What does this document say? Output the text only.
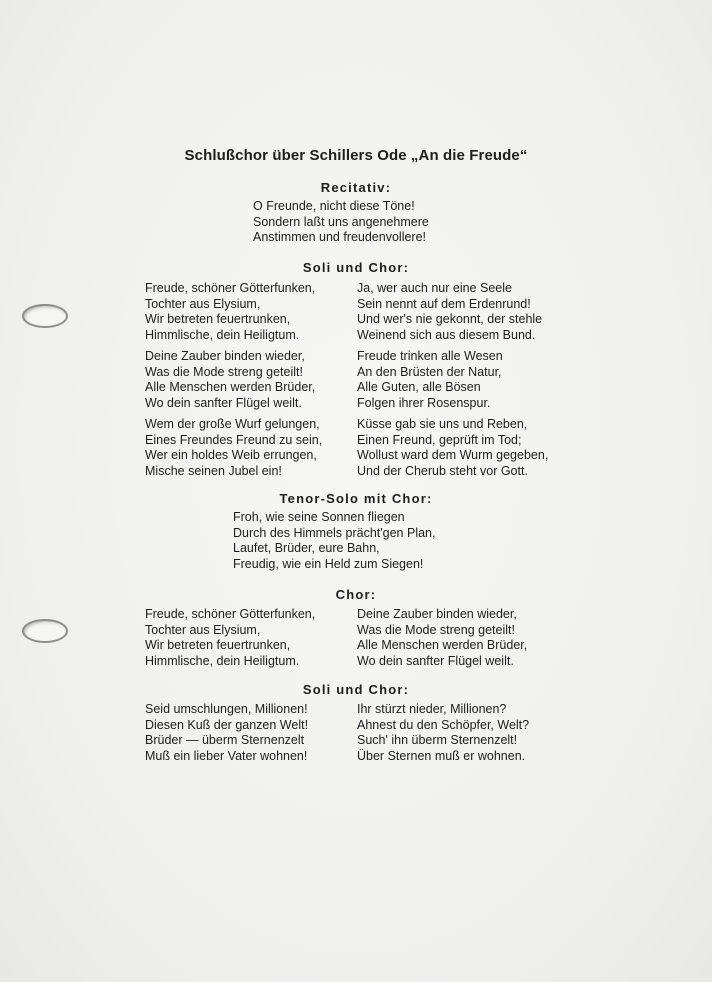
Schlußchor über Schillers Ode „An die Freude“
Recitativ:
O Freunde, nicht diese Töne!
Sondern laßt uns angenehmere
Anstimmen und freudenvollere!
Soli und Chor:
Freude, schöner Götterfunken,
Tochter aus Elysium,
Wir betreten feuertrunken,
Himmlische, dein Heiligtum.
Ja, wer auch nur eine Seele
Sein nennt auf dem Erdenrund!
Und wer's nie gekonnt, der stehle
Weinend sich aus diesem Bund.
Deine Zauber binden wieder,
Was die Mode streng geteilt!
Alle Menschen werden Brüder,
Wo dein sanfter Flügel weilt.
Freude trinken alle Wesen
An den Brüsten der Natur,
Alle Guten, alle Bösen
Folgen ihrer Rosenspur.
Wem der große Wurf gelungen,
Eines Freundes Freund zu sein,
Wer ein holdes Weib errungen,
Mische seinen Jubel ein!
Küsse gab sie uns und Reben,
Einen Freund, geprüft im Tod;
Wollust ward dem Wurm gegeben,
Und der Cherub steht vor Gott.
Tenor-Solo mit Chor:
Froh, wie seine Sonnen fliegen
Durch des Himmels prächt'gen Plan,
Laufet, Brüder, eure Bahn,
Freudig, wie ein Held zum Siegen!
Chor:
Freude, schöner Götterfunken,
Tochter aus Elysium,
Wir betreten feuertrunken,
Himmlische, dein Heiligtum.
Deine Zauber binden wieder,
Was die Mode streng geteilt!
Alle Menschen werden Brüder,
Wo dein sanfter Flügel weilt.
Soli und Chor:
Seid umschlungen, Millionen!
Diesen Kuß der ganzen Welt!
Brüder — überm Sternenzelt
Muß ein lieber Vater wohnen!
Ihr stürzt nieder, Millionen?
Ahnest du den Schöpfer, Welt?
Such' ihn überm Sternenzelt!
Über Sternen muß er wohnen.
